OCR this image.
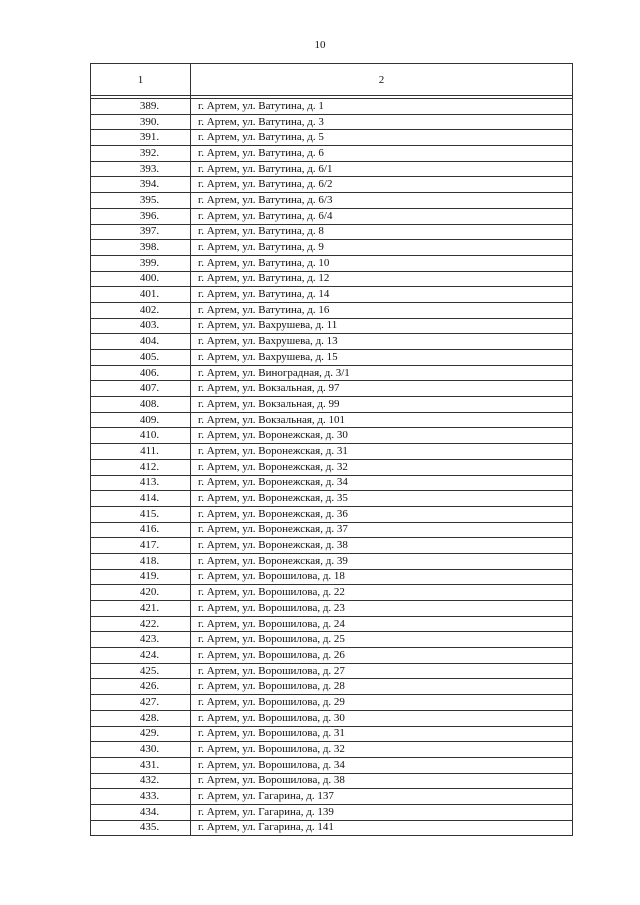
10
1	2

389.	г. Артем, ул. Ватутина, д. 1
390.	г. Артем, ул. Ватутина, д. 3
391.	г. Артем, ул. Ватутина, д. 5
392.	г. Артем, ул. Ватутина, д. 6
393.	г. Артем, ул. Ватутина, д. 6/1
394.	г. Артем, ул. Ватутина, д. 6/2
395.	г. Артем, ул. Ватутина, д. 6/3
396.	г. Артем, ул. Ватутина, д. 6/4
397.	г. Артем, ул. Ватутина, д. 8
398.	г. Артем, ул. Ватутина, д. 9
399.	г. Артем, ул. Ватутина, д. 10
400.	г. Артем, ул. Ватутина, д. 12
401.	г. Артем, ул. Ватутина, д. 14
402.	г. Артем, ул. Ватутина, д. 16
403.	г. Артем, ул. Вахрушева, д. 11
404.	г. Артем, ул. Вахрушева, д. 13
405.	г. Артем, ул. Вахрушева, д. 15
406.	г. Артем, ул. Виноградная, д. 3/1
407.	г. Артем, ул. Вокзальная, д. 97
408.	г. Артем, ул. Вокзальная, д. 99
409.	г. Артем, ул. Вокзальная, д. 101
410.	г. Артем, ул. Воронежская, д. 30
411.	г. Артем, ул. Воронежская, д. 31
412.	г. Артем, ул. Воронежская, д. 32
413.	г. Артем, ул. Воронежская, д. 34
414.	г. Артем, ул. Воронежская, д. 35
415.	г. Артем, ул. Воронежская, д. 36
416.	г. Артем, ул. Воронежская, д. 37
417.	г. Артем, ул. Воронежская, д. 38
418.	г. Артем, ул. Воронежская, д. 39
419.	г. Артем, ул. Ворошилова, д. 18
420.	г. Артем, ул. Ворошилова, д. 22
421.	г. Артем, ул. Ворошилова, д. 23
422.	г. Артем, ул. Ворошилова, д. 24
423.	г. Артем, ул. Ворошилова, д. 25
424.	г. Артем, ул. Ворошилова, д. 26
425.	г. Артем, ул. Ворошилова, д. 27
426.	г. Артем, ул. Ворошилова, д. 28
427.	г. Артем, ул. Ворошилова, д. 29
428.	г. Артем, ул. Ворошилова, д. 30
429.	г. Артем, ул. Ворошилова, д. 31
430.	г. Артем, ул. Ворошилова, д. 32
431.	г. Артем, ул. Ворошилова, д. 34
432.	г. Артем, ул. Ворошилова, д. 38
433.	г. Артем, ул. Гагарина, д. 137
434.	г. Артем, ул. Гагарина, д. 139
435.	г. Артем, ул. Гагарина, д. 141
